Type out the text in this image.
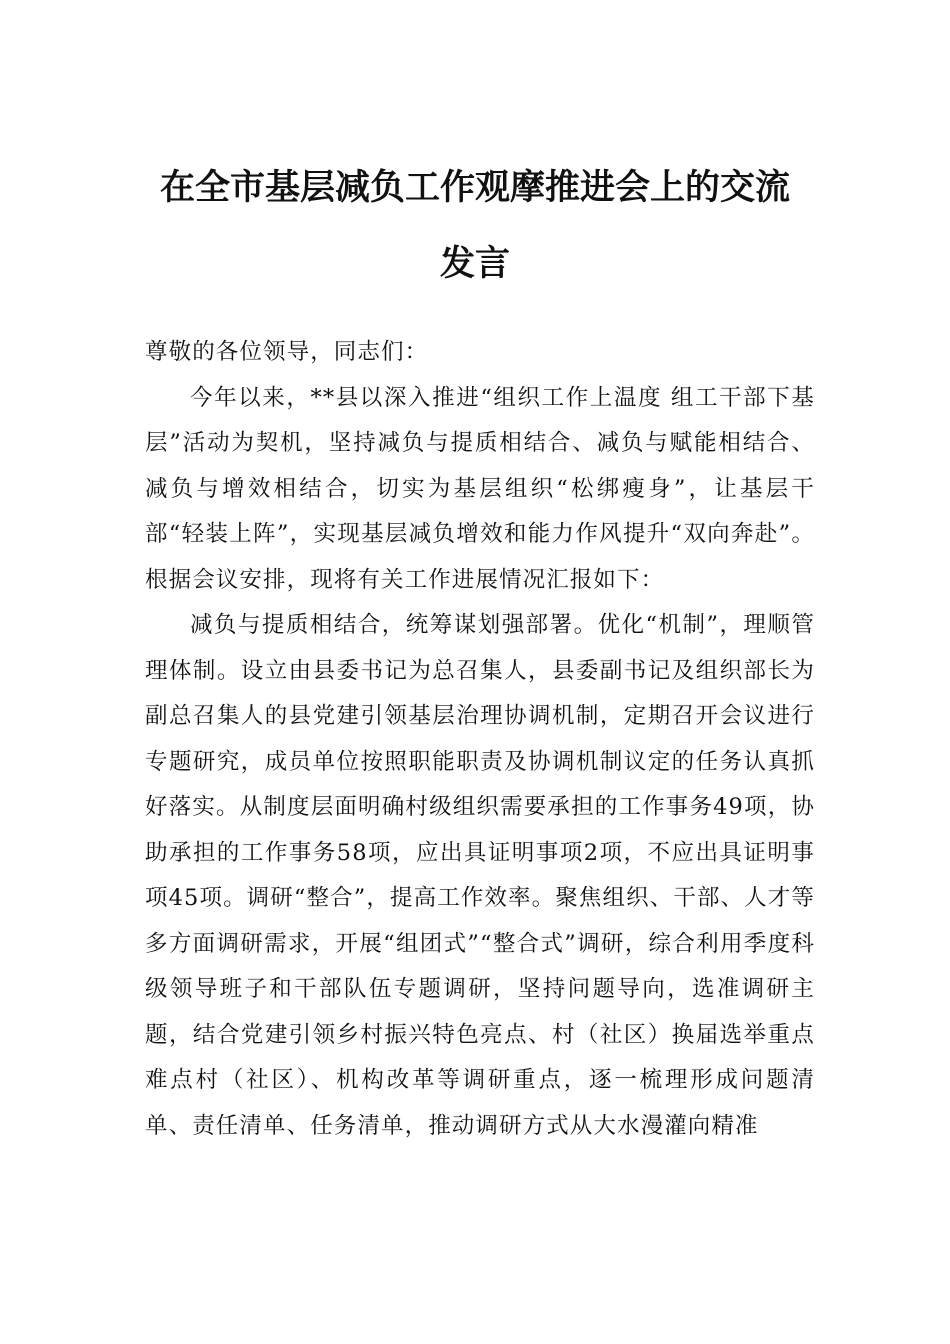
在全市基层减负工作观摩推进会上的交流
发言

尊敬的各位领导，同志们：

今年以来，**县以深入推进“组织工作上温度 组工干部下基层”活动为契机，坚持减负与提质相结合、减负与赋能相结合、减负与增效相结合，切实为基层组织“松绑瘦身”，让基层干部“轻装上阵”，实现基层减负增效和能力作风提升“双向奔赴”。根据会议安排，现将有关工作进展情况汇报如下：

减负与提质相结合，统筹谋划强部署。优化“机制”，理顺管理体制。设立由县委书记为总召集人，县委副书记及组织部长为副总召集人的县党建引领基层治理协调机制，定期召开会议进行专题研究，成员单位按照职能职责及协调机制议定的任务认真抓好落实。从制度层面明确村级组织需要承担的工作事务49项，协助承担的工作事务58项，应出具证明事项2项，不应出具证明事项45项。调研“整合”，提高工作效率。聚焦组织、干部、人才等多方面调研需求，开展“组团式”“整合式”调研，综合利用季度科级领导班子和干部队伍专题调研，坚持问题导向，选准调研主题，结合党建引领乡村振兴特色亮点、村（社区）换届选举重点难点村（社区）、机构改革等调研重点，逐一梳理形成问题清单、责任清单、任务清单，推动调研方式从大水漫灌向精准
